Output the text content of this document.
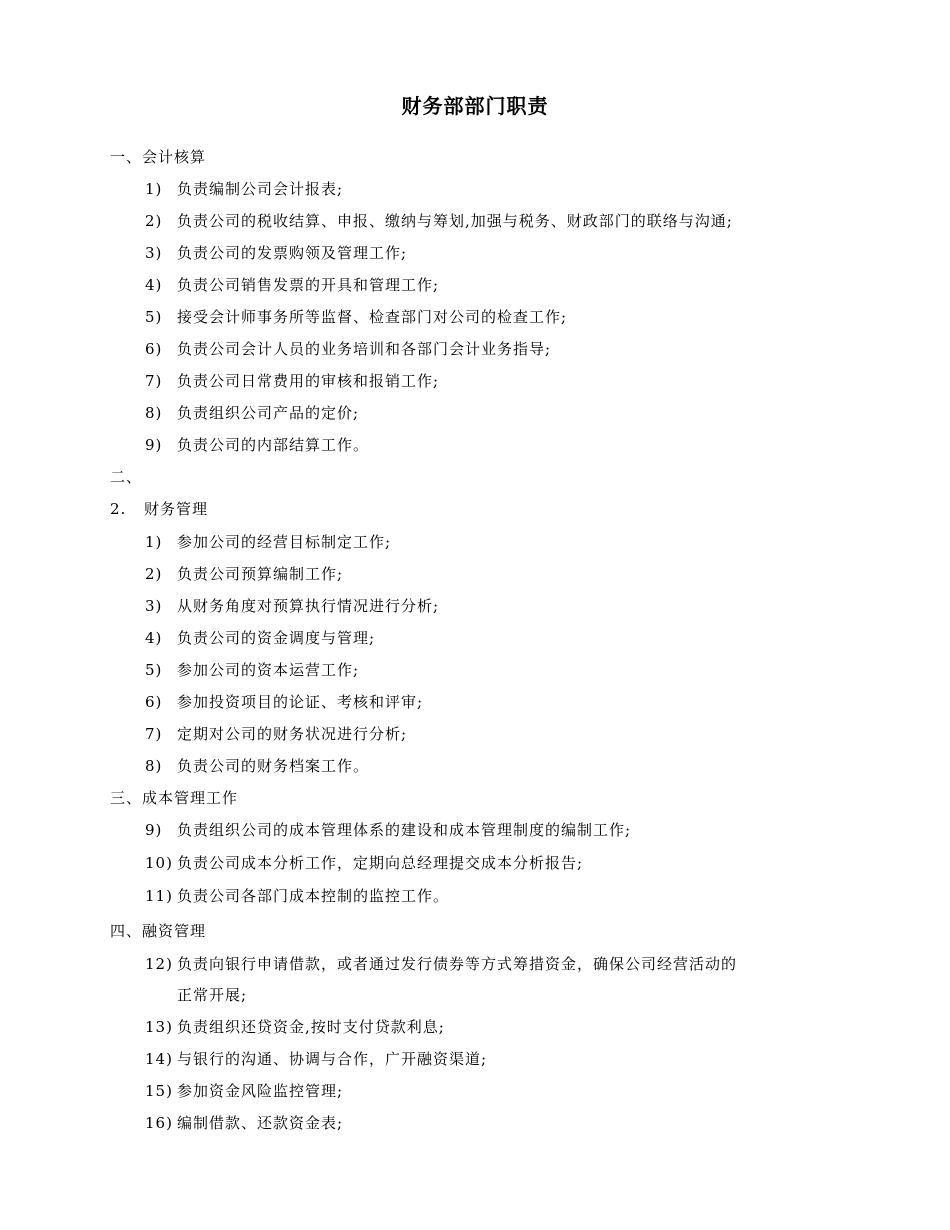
财务部部门职责
一、会计核算
1) 负责编制公司会计报表;
2) 负责公司的税收结算、申报、缴纳与筹划,加强与税务、财政部门的联络与沟通;
3) 负责公司的发票购领及管理工作;
4) 负责公司销售发票的开具和管理工作;
5) 接受会计师事务所等监督、检查部门对公司的检查工作;
6) 负责公司会计人员的业务培训和各部门会计业务指导;
7) 负责公司日常费用的审核和报销工作;
8) 负责组织公司产品的定价;
9) 负责公司的内部结算工作。
二、
2. 财务管理
1) 参加公司的经营目标制定工作;
2) 负责公司预算编制工作;
3) 从财务角度对预算执行情况进行分析;
4) 负责公司的资金调度与管理;
5) 参加公司的资本运营工作;
6) 参加投资项目的论证、考核和评审;
7) 定期对公司的财务状况进行分析;
8) 负责公司的财务档案工作。
三、成本管理工作
9) 负责组织公司的成本管理体系的建设和成本管理制度的编制工作;
10) 负责公司成本分析工作，定期向总经理提交成本分析报告;
11) 负责公司各部门成本控制的监控工作。
四、融资管理
12) 负责向银行申请借款，或者通过发行债券等方式筹措资金，确保公司经营活动的
正常开展;
13) 负责组织还贷资金,按时支付贷款利息;
14) 与银行的沟通、协调与合作，广开融资渠道;
15) 参加资金风险监控管理;
16) 编制借款、还款资金表;
